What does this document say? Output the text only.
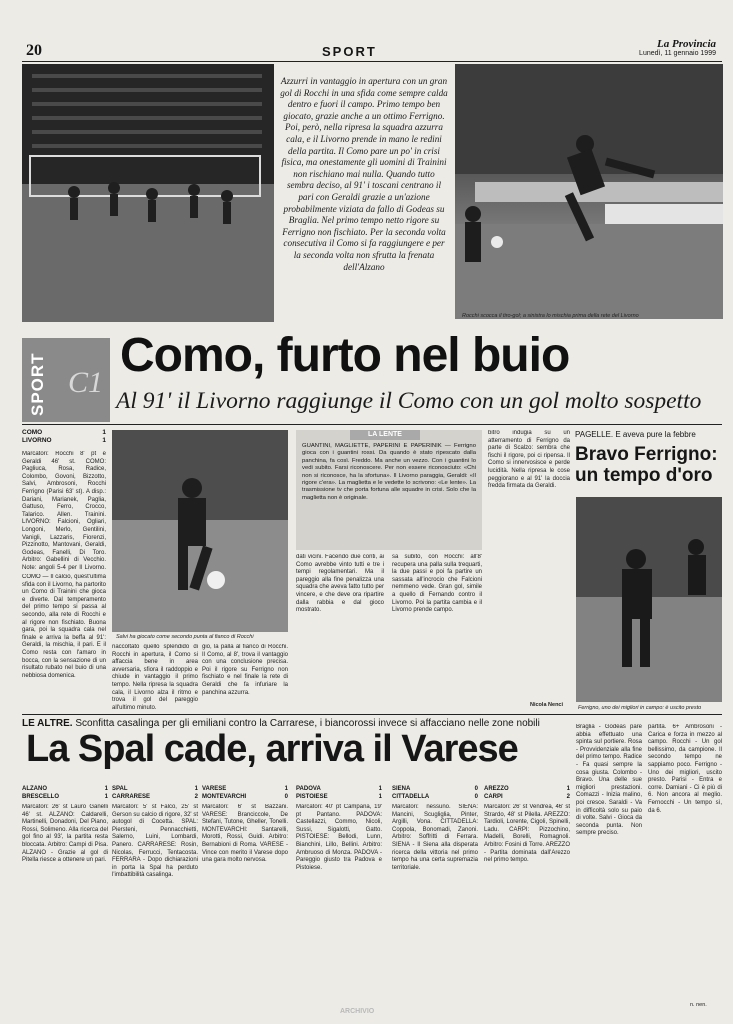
20	SPORT	La Provincia
Lunedì, 11 gennaio 1999
Azzurri in vantaggio in apertura con un gran gol di Rocchi in una sfida come sempre calda dentro e fuori il campo. Primo tempo ben giocato, grazie anche a un ottimo Ferrigno. Poi, però, nella ripresa la squadra azzurra cala, e il Livorno prende in mano le redini della partita. Il Como pare un po' in crisi fisica, ma onestamente gli uomini di Trainini non rischiano mai nulla. Quando tutto sembra deciso, al 91' i toscani centrano il pari con Geraldi grazie a un'azione probabilmente viziata da fallo di Godeas su Braglia. Nel primo tempo netto rigore su Ferrigno non fischiato. Per la seconda volta consecutiva il Como si fa raggiungere e per la seconda volta non sfrutta la frenata dell'Alzano
Rocchi scocca il tiro-gol; a sinistra lo mischia prima della rete del Livorno
SPORT C1
Como, furto nel buio
Al 91' il Livorno raggiunge il Como con un gol molto sospetto
COMO	1
LIVORNO	1
Marcatori: Rocchi 8' pt e Geraldi 46' st. COMO: Pagliuca, Rosa, Radice, Colombo, Govoni, Bizzotto, Salvi, Ambrosoni, Rocchi Ferrigno (Parisi 63' st). A disp.: Dariani, Marianek, Paglia, Gattuso, Ferro, Crocco, Talarico. Allen. Trainini. LIVORNO: Falcioni, Ogliari, Longoni, Merlo, Gentilini, Vanigli, Lazzaris, Fiorenzi, Pizzinotto, Mantovani, Geraldi, Godeas, Fanelli, Di Toro. Arbitro: Gabellini di Vecchio. Note: angoli 5-4 per Il Livorno.
COMO — Il calcio, quest'ultima sfida con il Livorno, ha partorito un Como di Trainini che gioca e diverte. Dal temperamento del primo tempo si passa al secondo, alla rete di Rocchi e al rigore non fischiato. Buona gara, poi la squadra cala nel finale e arriva la beffa al 91': Geraldi, la mischia, il pari. E il Como resta con l'amaro in bocca, con la sensazione di un risultato rubato nel buio di una nebbiosa domenica.
Salvi ha giocato come secondo punta al fianco di Rocchi
riaccoltato quello splendido di Rocchi in apertura, il Como si affaccia bene in area avversaria, sfiora il raddoppio e chiude in vantaggio il primo tempo. Nella ripresa la squadra cala, il Livorno alza il ritmo e trova il gol del pareggio all'ultimo minuto.
gio, la palla al fianco di Rocchi. Il Como, al 8', trova il vantaggio con una conclusione precisa. Poi il rigore su Ferrigno non fischiato e nel finale la rete di Geraldi che fa infuriare la panchina azzurra.
LA LENTE
GUANTINI, MAGLIETTE, PAPERINI E PAPERINIK — Ferrigno gioca con i guantini rossi. Da quando è stato ripescato dalla panchina, fa così. Freddo. Ma anche un vezzo. Con i guantini lo vedi subito. Farsi riconoscere. Per non essere riconosciuto: «Chi non si riconosce, ha la sfortuna». Il Livorno paraggia, Geraldi: «Il rigore c'era». La maglietta e le vedette lo scrivono: «Le lente». La trasmissione tv che porta fortuna alle squadre in crisi. Solo che la maglietta non è originale.
dati vicini. Facendo due conti, ai Como avrebbe vinto tutti e tre i tempi regolamentari. Ma il pareggio alla fine penalizza una squadra che aveva fatto tutto per vincere, e che deve ora ripartire dalla rabbia e dal gioco mostrato.
sa subito, con Rocchi: all'8' recupera una palla sulla trequarti, la due passi e poi fa partire un sassata all'incrocio che Falcioni nemmeno vede. Gran gol, simile a quello di Fernando contro il Livorno. Poi la partita cambia e il Livorno prende campo.
bitro indugia su un atterramento di Ferrigno da parte di Scalzo: sembra che fischi il rigore, poi ci ripensa. Il Como si innervosisce e perde lucidità. Nella ripresa le cose peggiorano e al 91' la doccia fredda firmata da Geraldi.
Nicola Nenci
PAGELLE. E aveva pure la febbre
Bravo Ferrigno: un tempo d'oro
Ferrigno, uno dei migliori in campo: è uscito presto
LE ALTRE. Sconfitta casalinga per gli emiliani contro la Carrarese, i biancorossi invece si affacciano nelle zone nobili
La Spal cade, arriva il Varese
ALZANO	1
BRESCELLO	1
SPAL	1
CARRARESE	2
VARESE	1
MONTEVARCHI	0
PADOVA	1
PISTOIESE	1
SIENA	0
CITTADELLA	0
AREZZO	1
CARPI	2
Marcatori: 26' st Lauro Ganelli 46' st. ALZANO: Caldarelli, Martinelli, Donadoni, Del Piano, Rossi, Solimeno. Alla ricerca del gol fino al 93', la partita resta bloccata. Arbitro: Campi di Pisa. ALZANO - Grazie al gol di Pitella riesce a ottenere un pari.
Marcatori: 5' st Falco, 25' st Gerson su calcio di rigore, 32' st autogol di Cocetta. SPAL: Piersteni, Pennacchietti, Salerno, Luini, Lombardi, Panero. CARRARESE: Rosin, Nicolas, Ferrucci, Tentacosta. FERRARA - Dopo dichiarazioni in porta la Spal ha perduto l'imbattibilità casalinga.
Marcatori: 6' st Bazzani. VARESE: Branciccole, De Stefani, Tutone, Gheller, Tonelli. MONTEVARCHI: Santarelli, Morotti, Rossi, Guidi. Arbitro: Bernabioni di Roma. VARESE - Vince con merito il Varese dopo una gara molto nervosa.
Marcatori: 40' pt Campana, 19' pt Pantano. PADOVA: Castellazzi, Commo, Nicoli, Sussi, Sigalotti, Gatto. PISTOIESE: Bellodi, Lunn, Bianchini, Lillo, Bellini. Arbitro: Ambruoso di Monza. PADOVA - Pareggio giusto tra Padova e Pistoiese.
Marcatori: nessuno. SIENA: Mancini, Scugliglia, Pinter, Argilli, Vona. CITTADELLA: Coppola, Bonomadi, Zanoni. Arbitro: Soffritti di Ferrara. SIENA - Il Siena alla disperata ricerca della vittoria nel primo tempo ha una certa supremazia territoriale.
Marcatori: 26' st Vendrea, 46' st Strardo, 48' st Pilella. AREZZO: Tardioli, Lorente, Cigoli, Spinelli, Ladu. CARPI: Pizzochino, Madelli, Borelli, Romagnoli. Arbitro: Fosini di Torre. AREZZO - Partita dominata dall'Arezzo nel primo tempo.
Braglia - Godeas pare abbia effettuato una spinta sul portiere. Rosa - Provvidenziale alla fine del primo tempo. Radice - Fa quasi sempre la cosa giusta. Colombo - Bravo. Una delle sue migliori prestazioni. Comazzi - Inizia malino, poi cresce. Saraldi - Va in difficoltà solo su paio di volte. Salvi - Gioca da seconda punta. Non sempre preciso.
partita. 6+ Ambrosoni - Carica e forza in mezzo al campo. Rocchi - Un gol bellissimo, da campione. Il secondo tempo ne sappiamo poco. Ferrigno - Uno dei migliori, uscito presto. Parisi - Entra e corre. Damiani - Ci è più di 6. Non ancora al meglio. Fernocchi - Un tempo sì, da 6.
n. nen.
ARCHIVIO
